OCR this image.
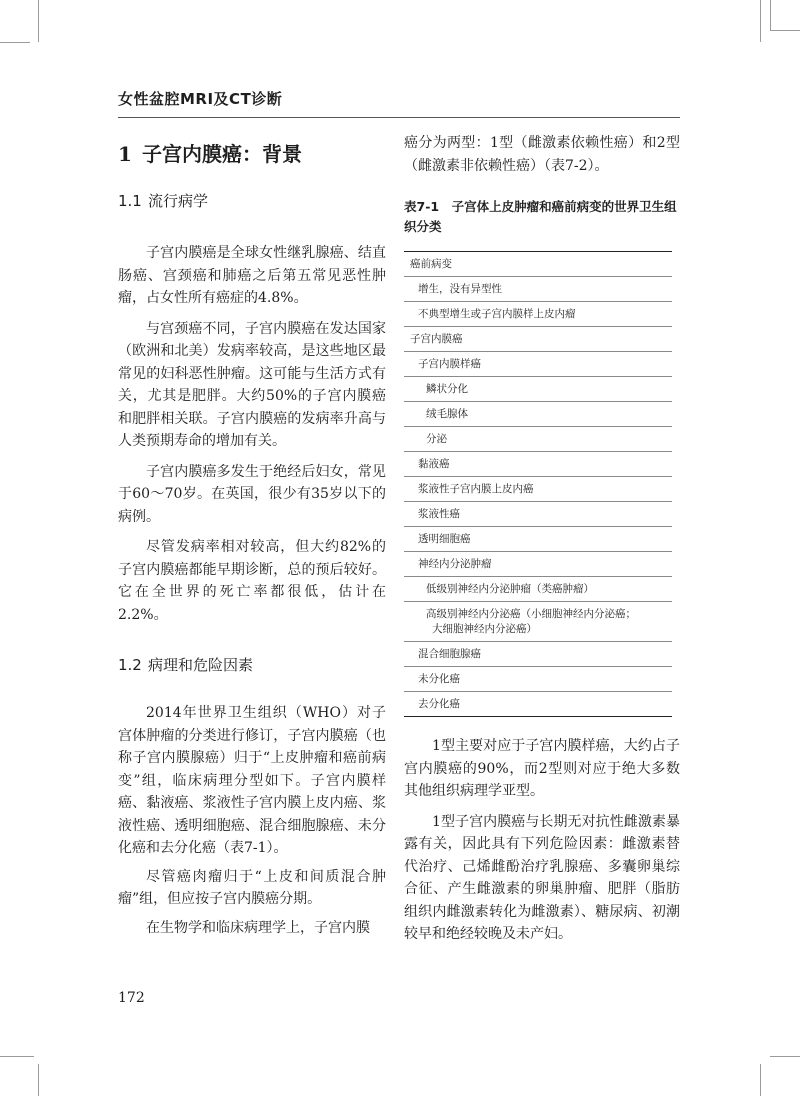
女性盆腔MRI及CT诊断
1 子宫内膜癌：背景
1.1 流行病学

子宫内膜癌是全球女性继乳腺癌、结直肠癌、宫颈癌和肺癌之后第五常见恶性肿瘤，占女性所有癌症的4.8%。

与宫颈癌不同，子宫内膜癌在发达国家（欧洲和北美）发病率较高，是这些地区最常见的妇科恶性肿瘤。这可能与生活方式有关，尤其是肥胖。大约50%的子宫内膜癌和肥胖相关联。子宫内膜癌的发病率升高与人类预期寿命的增加有关。

子宫内膜癌多发生于绝经后妇女，常见于60～70岁。在英国，很少有35岁以下的病例。

尽管发病率相对较高，但大约82%的子宫内膜癌都能早期诊断，总的预后较好。它在全世界的死亡率都很低，估计在2.2%。

1.2 病理和危险因素

2014年世界卫生组织（WHO）对子宫体肿瘤的分类进行修订，子宫内膜癌（也称子宫内膜腺癌）归于“上皮肿瘤和癌前病变”组，临床病理分型如下。子宫内膜样癌、黏液癌、浆液性子宫内膜上皮内癌、浆液性癌、透明细胞癌、混合细胞腺癌、未分化癌和去分化癌（表7-1）。

尽管癌肉瘤归于“上皮和间质混合肿瘤”组，但应按子宫内膜癌分期。

在生物学和临床病理学上，子宫内膜

癌分为两型：1型（雌激素依赖性癌）和2型（雌激素非依赖性癌）（表7-2）。

表7-1　子宫体上皮肿瘤和癌前病变的世界卫生组织分类

癌前病变
增生，没有异型性
不典型增生或子宫内膜样上皮内瘤
子宫内膜癌
子宫内膜样癌
鳞状分化
绒毛腺体
分泌
黏液癌
浆液性子宫内膜上皮内癌
浆液性癌
透明细胞癌
神经内分泌肿瘤
低级别神经内分泌肿瘤（类癌肿瘤）
高级别神经内分泌癌（小细胞神经内分泌癌；
大细胞神经内分泌癌）
混合细胞腺癌
未分化癌
去分化癌

1型主要对应于子宫内膜样癌，大约占子宫内膜癌的90%，而2型则对应于绝大多数其他组织病理学亚型。

1型子宫内膜癌与长期无对抗性雌激素暴露有关，因此具有下列危险因素：雌激素替代治疗、己烯雌酚治疗乳腺癌、多囊卵巢综合征、产生雌激素的卵巢肿瘤、肥胖（脂肪组织内雌激素转化为雌激素）、糖尿病、初潮较早和绝经较晚及未产妇。

172
